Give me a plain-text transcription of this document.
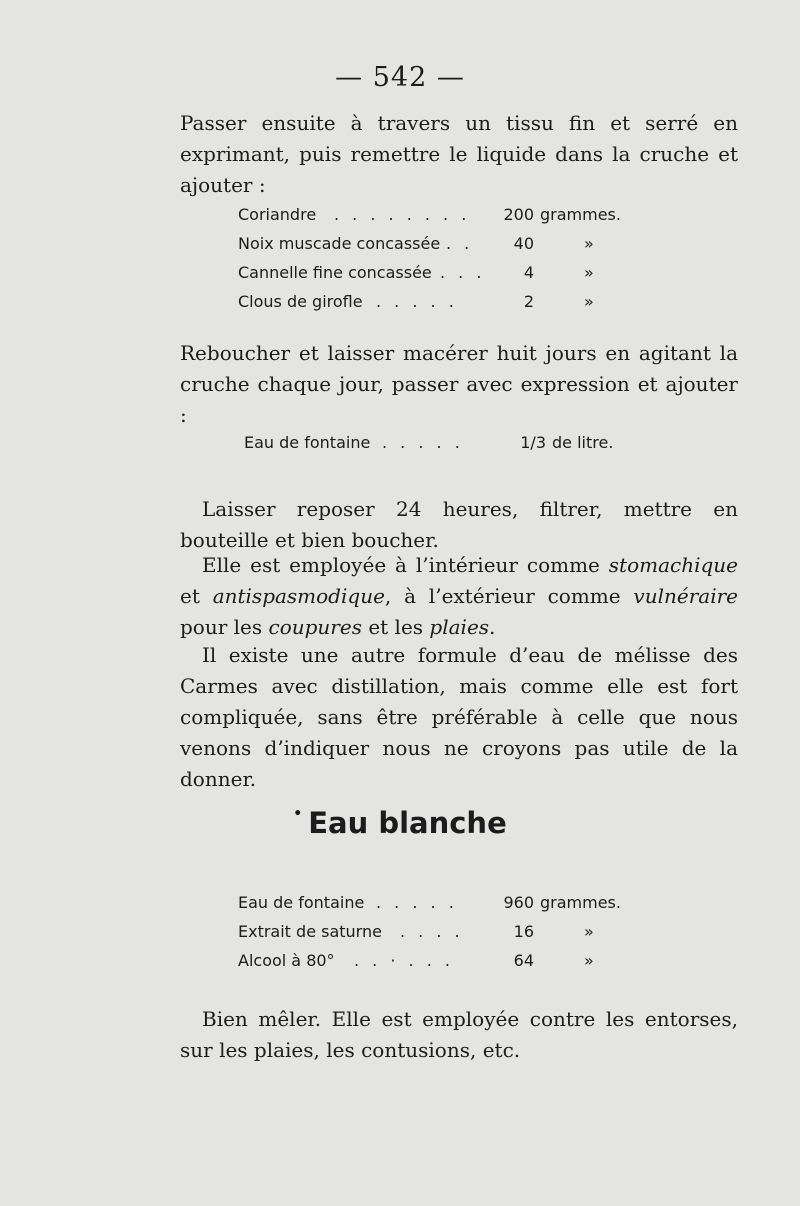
— 542 —

Passer ensuite à travers un tissu fin et serré en exprimant, puis remettre le liquide dans la cruche et ajouter :

Coriandre . . . . . . . .	200 grammes.
Noix muscade concassée . .	40	»
Cannelle fine concassée . . .	4	»
Clous de girofle . . . . .	2	»

Reboucher et laisser macérer huit jours en agitant la cruche chaque jour, passer avec expression et ajouter :

Eau de fontaine . . . . .	1/3 de litre.

Laisser reposer 24 heures, filtrer, mettre en bouteille et bien boucher.

Elle est employée à l’intérieur comme stomachique et antispasmodique, à l’extérieur comme vulnéraire pour les coupures et les plaies.

Il existe une autre formule d’eau de mélisse des Carmes avec distillation, mais comme elle est fort compliquée, sans être préférable à celle que nous venons d’indiquer nous ne croyons pas utile de la donner.

• Eau blanche
Eau de fontaine . . . . .	960 grammes.
Extrait de saturne . . . .	16	»
Alcool à 80° . . · . . .	64	»

Bien mêler. Elle est employée contre les entorses, sur les plaies, les contusions, etc.
